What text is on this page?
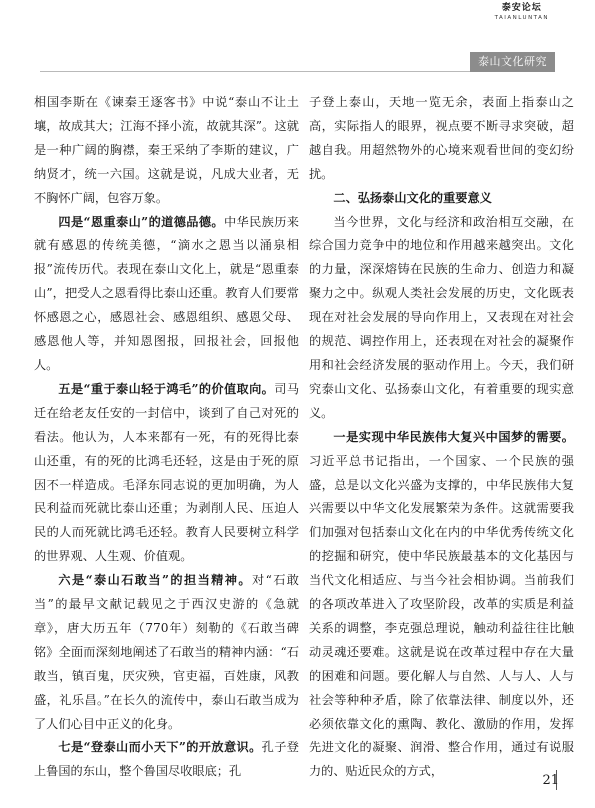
泰山文化研究

相国李斯在《谏秦王逐客书》中说“泰山不让土壤，故成其大；江海不择小流，故就其深”。这就是一种广阔的胸襟，秦王采纳了李斯的建议，广纳贤才，统一六国。这就是说，凡成大业者，无不胸怀广阔，包容万象。

四是“恩重泰山”的道德品德。中华民族历来就有感恩的传统美德，“滴水之恩当以涌泉相报”流传历代。表现在泰山文化上，就是“恩重泰山”，把受人之恩看得比泰山还重。教育人们要常怀感恩之心，感恩社会、感恩组织、感恩父母、感恩他人等，并知恩图报，回报社会，回报他人。

五是“重于泰山轻于鸿毛”的价值取向。司马迁在给老友任安的一封信中，谈到了自己对死的看法。他认为，人本来都有一死，有的死得比泰山还重，有的死的比鸿毛还轻，这是由于死的原因不一样造成。毛泽东同志说的更加明确，为人民利益而死就比泰山还重；为剥削人民、压迫人民的人而死就比鸿毛还轻。教育人民要树立科学的世界观、人生观、价值观。

六是“泰山石敢当”的担当精神。对“石敢当”的最早文献记载见之于西汉史游的《急就章》，唐大历五年（770年）刻勒的《石敢当碑铭》全面而深刻地阐述了石敢当的精神内涵：“石敢当，镇百鬼，厌灾殃，官吏福，百姓康，风教盛，礼乐昌。”在长久的流传中，泰山石敢当成为了人们心目中正义的化身。

七是“登泰山而小天下”的开放意识。孔子登上鲁国的东山，整个鲁国尽收眼底；孔

子登上泰山，天地一览无余，表面上指泰山之高，实际指人的眼界，视点要不断寻求突破，超越自我。用超然物外的心境来观看世间的变幻纷扰。

二、弘扬泰山文化的重要意义

当今世界，文化与经济和政治相互交融，在综合国力竞争中的地位和作用越来越突出。文化的力量，深深熔铸在民族的生命力、创造力和凝聚力之中。纵观人类社会发展的历史，文化既表现在对社会发展的导向作用上，又表现在对社会的规范、调控作用上，还表现在对社会的凝聚作用和社会经济发展的驱动作用上。今天，我们研究泰山文化、弘扬泰山文化，有着重要的现实意义。

一是实现中华民族伟大复兴中国梦的需要。习近平总书记指出，一个国家、一个民族的强盛，总是以文化兴盛为支撑的，中华民族伟大复兴需要以中华文化发展繁荣为条件。这就需要我们加强对包括泰山文化在内的中华优秀传统文化的挖掘和研究，使中华民族最基本的文化基因与当代文化相适应、与当今社会相协调。当前我们的各项改革进入了攻坚阶段，改革的实质是利益关系的调整，李克强总理说，触动利益往往比触动灵魂还要难。这就是说在改革过程中存在大量的困难和问题。要化解人与自然、人与人、人与社会等种种矛盾，除了依靠法律、制度以外，还必须依靠文化的熏陶、教化、激励的作用，发挥先进文化的凝聚、润滑、整合作用，通过有说服力的、贴近民众的方式，

泰安论坛
TAIANLUNTAN
21
